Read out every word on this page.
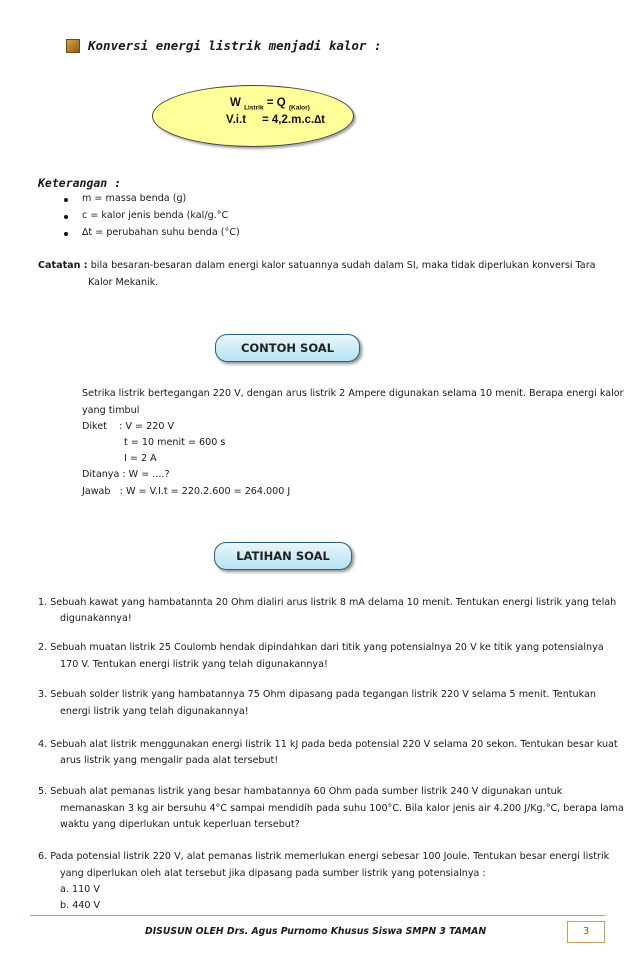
Konversi energi listrik menjadi kalor :
W $_{Listrik}$ = Q $_{(Kalor)}$
V.i.t     = 4,2.m.c.∆t
Keterangan :
m = massa benda (g)
c = kalor jenis benda (kal/g.°C
∆t = perubahan suhu benda (°C)
Catatan : bila besaran-besaran dalam energi kalor satuannya sudah dalam SI, maka tidak diperlukan konversi Tara
Kalor Mekanik.
CONTOH SOAL
Setrika listrik bertegangan 220 V, dengan arus listrik 2 Ampere digunakan selama 10 menit. Berapa energi kalor
yang timbul
Diket    : V = 220 V
t = 10 menit = 600 s
I = 2 A
Ditanya : W = ....?
Jawab   : W = V.I.t = 220.2.600 = 264.000 J
LATIHAN SOAL
1. Sebuah kawat yang hambatannta 20 Ohm dialiri arus listrik 8 mA delama 10 menit. Tentukan energi listrik yang telah
digunakannya!
2. Sebuah muatan listrik 25 Coulomb hendak dipindahkan dari titik yang potensialnya 20 V ke titik yang potensialnya
170 V. Tentukan energi listrik yang telah digunakannya!
3. Sebuah solder listrik yang hambatannya 75 Ohm dipasang pada tegangan listrik 220 V selama 5 menit. Tentukan
energi listrik yang telah digunakannya!
4. Sebuah alat listrik menggunakan energi listrik 11 kJ pada beda potensial 220 V selama 20 sekon. Tentukan besar kuat
arus listrik yang mengalir pada alat tersebut!
5. Sebuah alat pemanas listrik yang besar hambatannya 60 Ohm pada sumber listrik 240 V digunakan untuk
memanaskan 3 kg air bersuhu 4°C sampai mendidih pada suhu 100°C. Bila kalor jenis air 4.200 J/Kg.°C, berapa lama
waktu yang diperlukan untuk keperluan tersebut?
6. Pada potensial listrik 220 V, alat pemanas listrik memerlukan energi sebesar 100 Joule. Tentukan besar energi listrik
yang diperlukan oleh alat tersebut jika dipasang pada sumber listrik yang potensialnya :
a. 110 V
b. 440 V
DISUSUN OLEH Drs. Agus Purnomo Khusus Siswa SMPN 3 TAMAN	3
